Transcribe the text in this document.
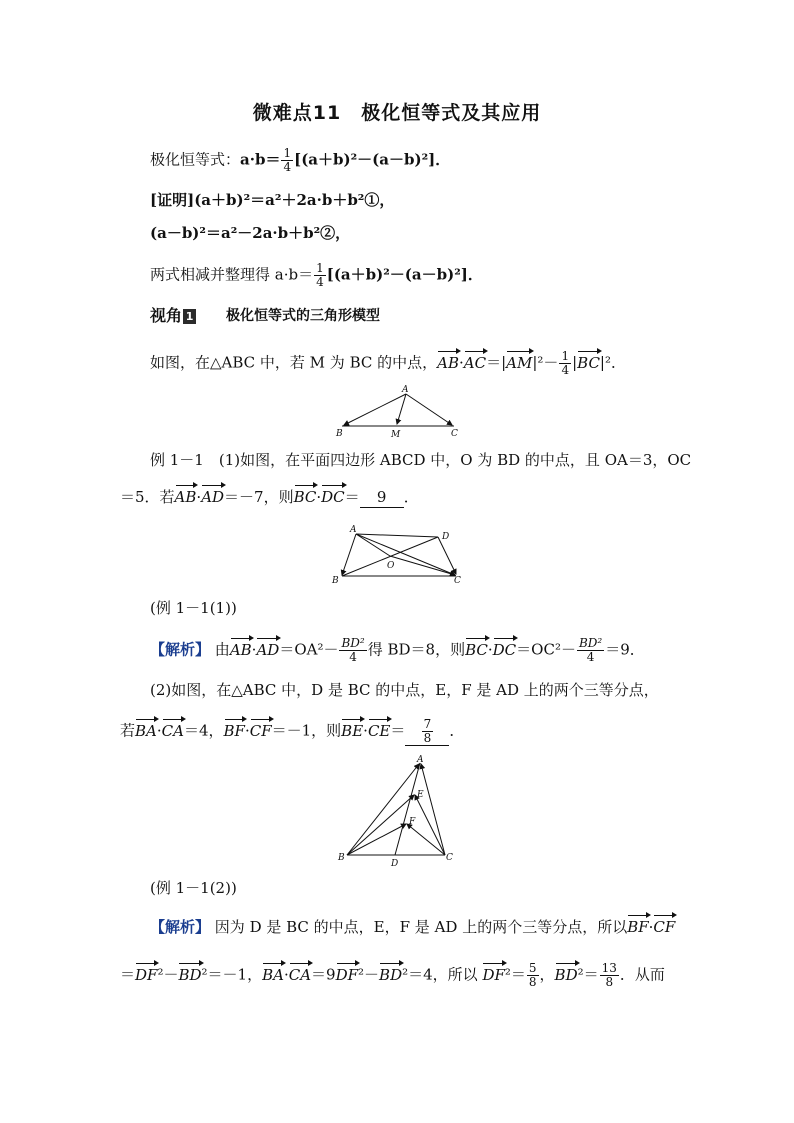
微难点11　极化恒等式及其应用
极化恒等式：$a\cdot b= \frac{1}{4} [(a+b)^2-(a-b)^2]$．
[证明](a＋b)²＝a²＋2a·b＋b²①，
(a－b)²＝a²－2a·b＋b²②，
两式相减并整理得 $a\cdot b= \frac{1}{4} [(a+b)^2-(a-b)^2]$．
视角 1 极化恒等式的三角形模型
如图，在△ABC 中，若 M 为 BC 的中点，$AB\cdot AC=|AM|^2- \frac{1}{4} |BC|^2$．
A
B	M	C
例 1－1　(1)如图，在平面四边形 ABCD 中，O 为 BD 的中点，且 OA＝3，OC
＝5．若AB·AD＝－7，则BC·DC＝ 9 ．
A
D
O
B	C
(例 1－1(1))
【解析】 由$AB\cdot AD=OA^2- \frac{\text{BD²}}{4}$ 得 BD＝8，则$BC\cdot DC=OC^2- \frac{\text{BD²}}{4} =9$．
(2)如图，在△ABC 中，D 是 BC 的中点，E，F 是 AD 上的两个三等分点，
若BA·CA＝4，BF·CF＝－1，则$BE\cdot CE= \frac{7}{8}$ ．
A
E
F
B
D
C
(例 1－1(2))
【解析】 因为 D 是 BC 的中点，E，F 是 AD 上的两个三等分点，所以BF·CF
＝DF²－BD²＝－1，BA·CA＝9DF²－BD²＝4，所以 $DF^2= \frac{5}{8}$ ，$BD^2= \frac{13}{8}$ ．从而
